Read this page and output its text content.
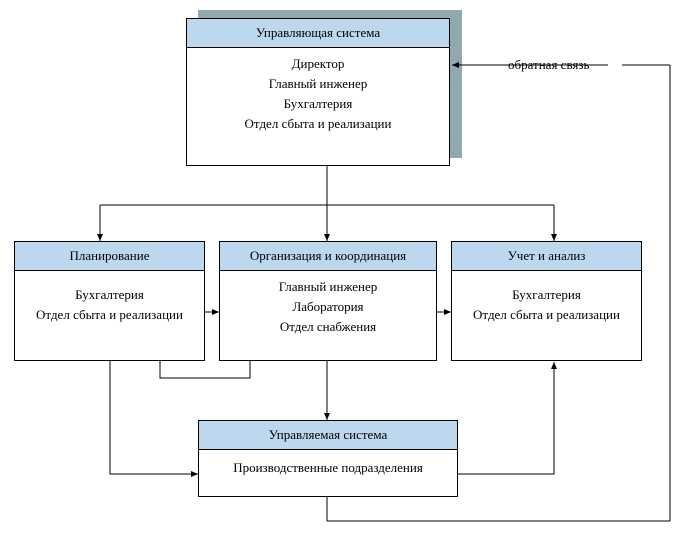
Управляющая система
Директор
Главный инженер
Бухгалтерия
Отдел сбыта и реализации
обратная связь
Планирование
Бухгалтерия
Отдел сбыта и реализации
Организация и координация
Главный инженер
Лаборатория
Отдел снабжения
Учет и анализ
Бухгалтерия
Отдел сбыта и реализации
Управляемая система
Производственные подразделения
